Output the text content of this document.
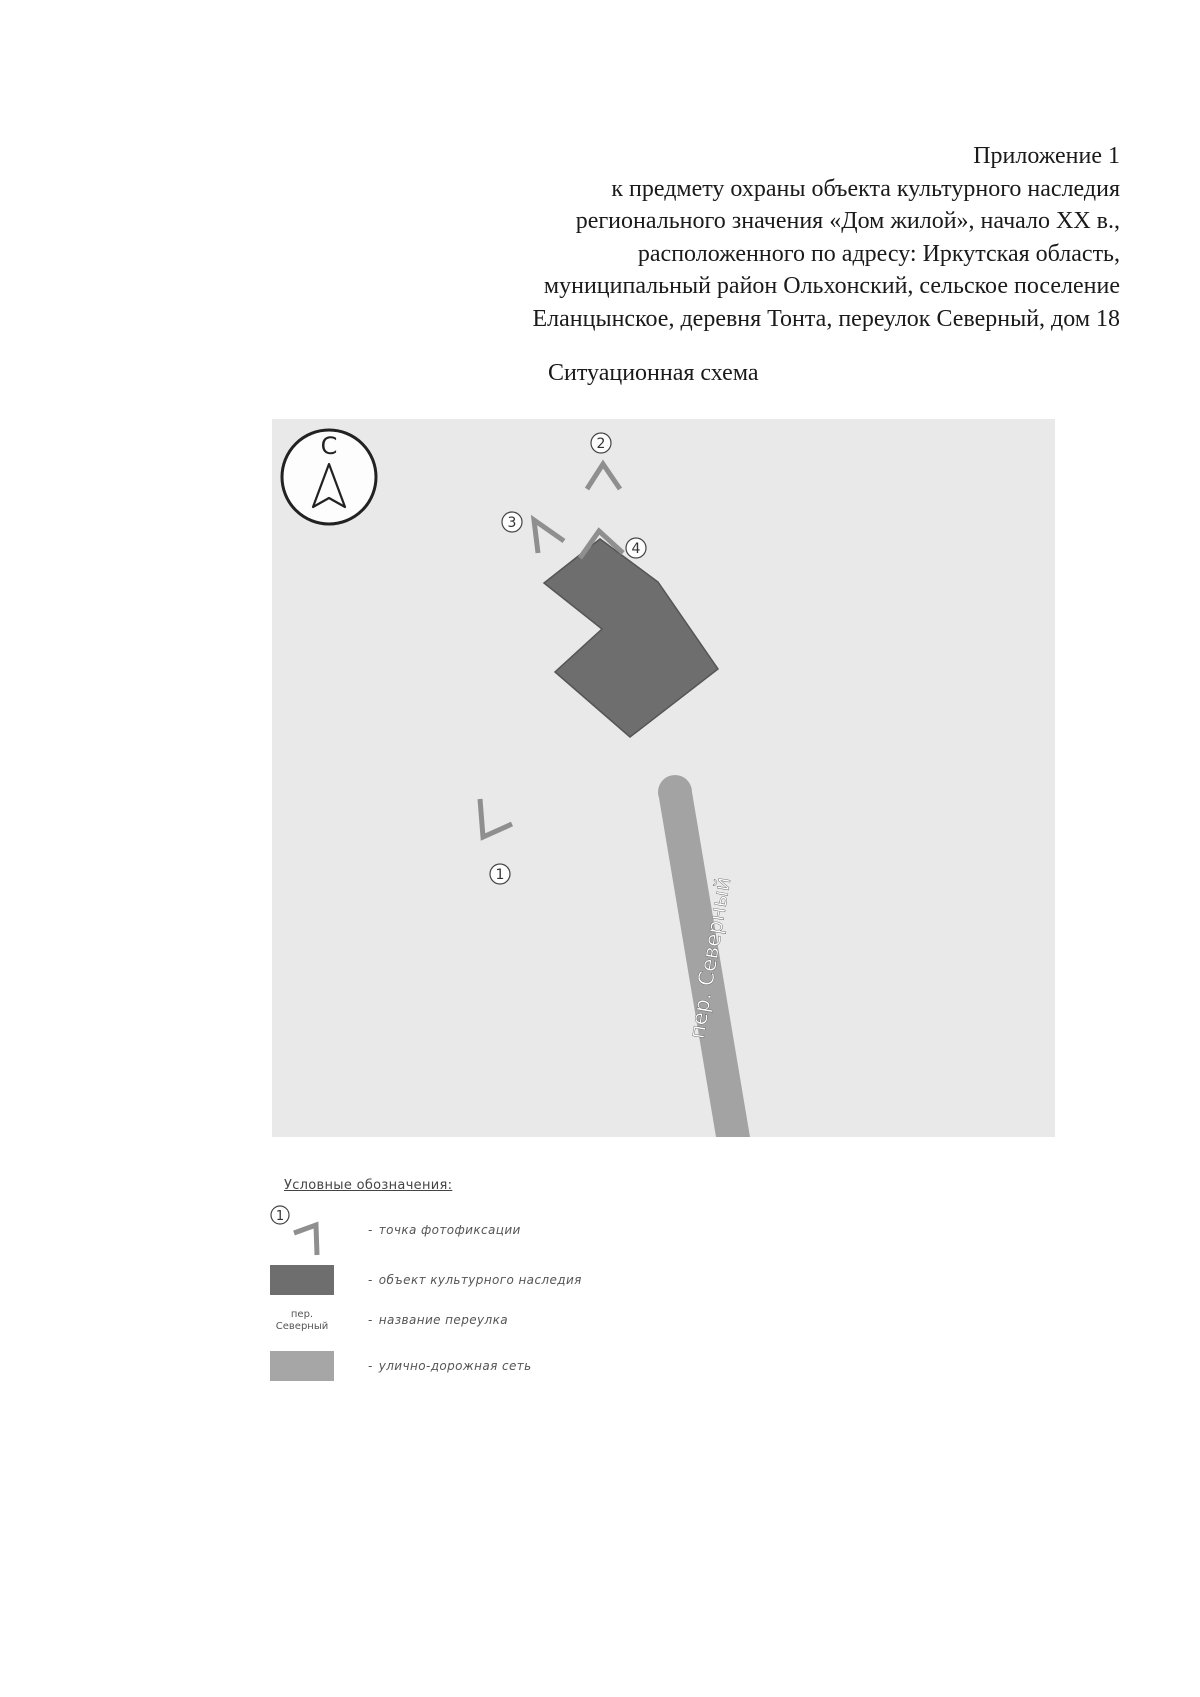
Приложение 1
к предмету охраны объекта культурного наследия
регионального значения «Дом жилой», начало XX в.,
расположенного по адресу: Иркутская область,
муниципальный район Ольхонский, сельское поселение
Еланцынское, деревня Тонта, переулок Северный, дом 18
Ситуационная схема
С
пер. Северный
2
3
4
1
Условные обозначения:
1
- точка фотофиксации
- объект культурного наследия
пер.
Северный	- название переулка
- улично-дорожная сеть
